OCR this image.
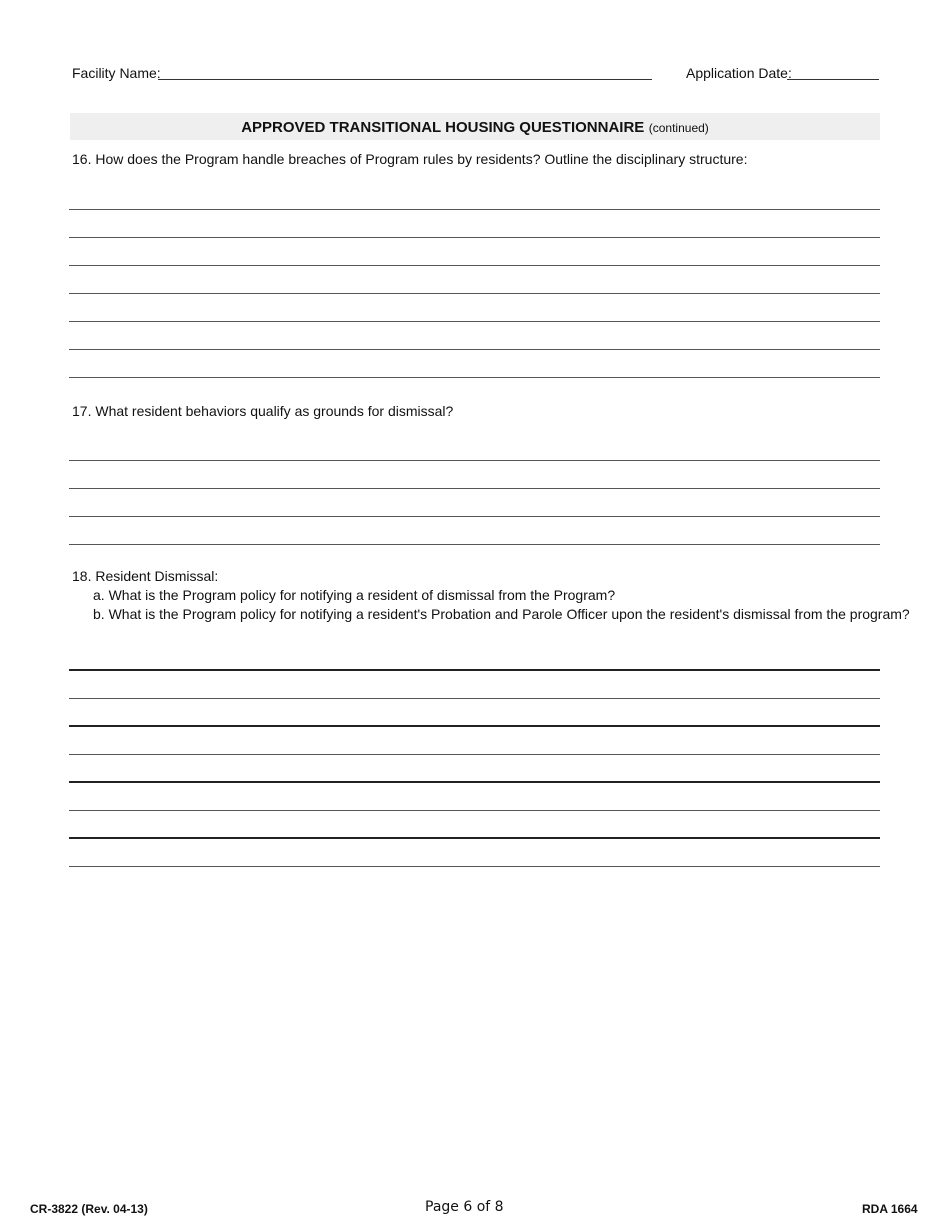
Facility Name:	Application Date:
APPROVED TRANSITIONAL HOUSING QUESTIONNAIRE (continued)
16. How does the Program handle breaches of Program rules by residents? Outline the disciplinary structure:
17. What resident behaviors qualify as grounds for dismissal?
18. Resident Dismissal:
a. What is the Program policy for notifying a resident of dismissal from the Program?
b. What is the Program policy for notifying a resident's Probation and Parole Officer upon the resident's dismissal from the program?
CR-3822 (Rev. 04-13)	Page 6 of 8	RDA 1664
